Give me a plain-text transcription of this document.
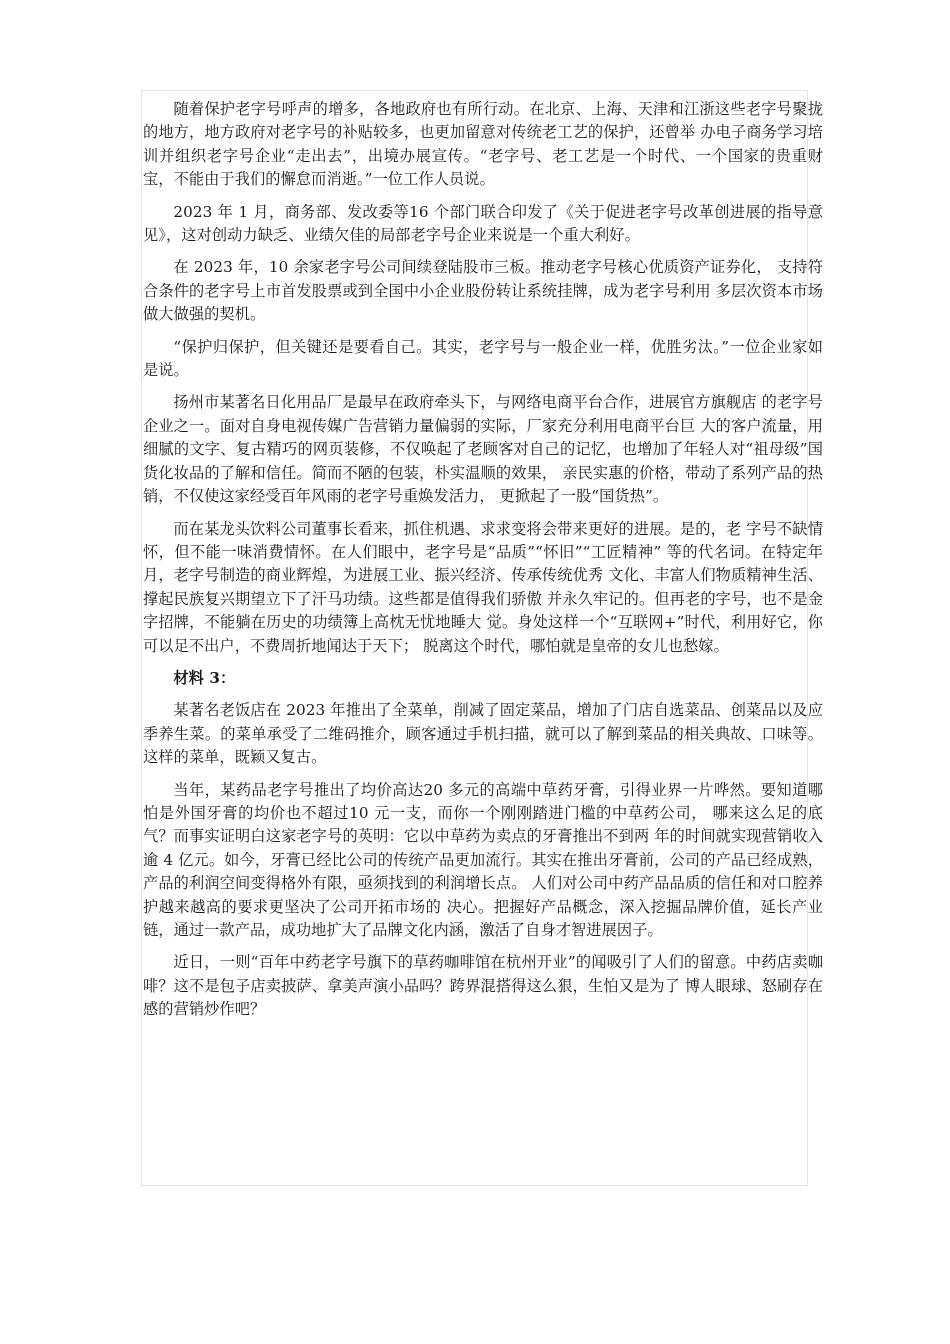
随着保护老字号呼声的增多，各地政府也有所行动。在北京、上海、天津和江浙这些老字号聚拢的地方，地方政府对老字号的补贴较多，也更加留意对传统老工艺的保护，还曾举 办电子商务学习培训并组织老字号企业“走出去”，出境办展宣传。“老字号、老工艺是一个时代、一个国家的贵重财宝，不能由于我们的懈怠而消逝。”一位工作人员说。

2023 年 1 月，商务部、发改委等16 个部门联合印发了《关于促进老字号改革创进展的指导意见》，这对创动力缺乏、业绩欠佳的局部老字号企业来说是一个重大利好。

在 2023 年，10 余家老字号公司间续登陆股市三板。推动老字号核心优质资产证券化， 支持符合条件的老字号上市首发股票或到全国中小企业股份转让系统挂牌，成为老字号利用 多层次资本市场做大做强的契机。

“保护归保护，但关键还是要看自己。其实，老字号与一般企业一样，优胜劣汰。”一位企业家如是说。

扬州市某著名日化用品厂是最早在政府牵头下，与网络电商平台合作，进展官方旗舰店 的老字号企业之一。面对自身电视传媒广告营销力量偏弱的实际，厂家充分利用电商平台巨 大的客户流量，用细腻的文字、复古精巧的网页装修，不仅唤起了老顾客对自己的记忆，也增加了年轻人对“祖母级”国货化妆品的了解和信任。简而不陋的包装，朴实温顺的效果， 亲民实惠的价格，带动了系列产品的热销，不仅使这家经受百年风雨的老字号重焕发活力， 更掀起了一股“国货热”。

而在某龙头饮料公司董事长看来，抓住机遇、求求变将会带来更好的进展。是的，老 字号不缺情怀，但不能一味消费情怀。在人们眼中，老字号是“品质”“怀旧”“工匠精神” 等的代名词。在特定年月，老字号制造的商业辉煌，为进展工业、振兴经济、传承传统优秀 文化、丰富人们物质精神生活、撑起民族复兴期望立下了汗马功绩。这些都是值得我们骄傲 并永久牢记的。但再老的字号，也不是金字招牌，不能躺在历史的功绩簿上高枕无忧地睡大 觉。身处这样一个“互联网+”时代，利用好它，你可以足不出户，不费周折地闻达于天下； 脱离这个时代，哪怕就是皇帝的女儿也愁嫁。

材料 3：

某著名老饭店在 2023 年推出了全菜单，削减了固定菜品，增加了门店自选菜品、创菜品以及应季养生菜。的菜单承受了二维码推介，顾客通过手机扫描，就可以了解到菜品的相关典故、口味等。这样的菜单，既颖又复古。

当年，某药品老字号推出了均价高达20 多元的高端中草药牙膏，引得业界一片哗然。要知道哪怕是外国牙膏的均价也不超过10 元一支，而你一个刚刚踏进门槛的中草药公司， 哪来这么足的底气？而事实证明白这家老字号的英明：它以中草药为卖点的牙膏推出不到两 年的时间就实现营销收入逾 4 亿元。如今，牙膏已经比公司的传统产品更加流行。其实在推出牙膏前，公司的产品已经成熟，产品的利润空间变得格外有限，亟须找到的利润增长点。 人们对公司中药产品品质的信任和对口腔养护越来越高的要求更坚决了公司开拓市场的 决心。把握好产品概念，深入挖掘品牌价值，延长产业链，通过一款产品，成功地扩大了品牌文化内涵，激活了自身才智进展因子。

近日，一则“百年中药老字号旗下的草药咖啡馆在杭州开业”的闻吸引了人们的留意。中药店卖咖啡？这不是包子店卖披萨、拿美声演小品吗？跨界混搭得这么狠，生怕又是为了 博人眼球、怒刷存在感的营销炒作吧？
